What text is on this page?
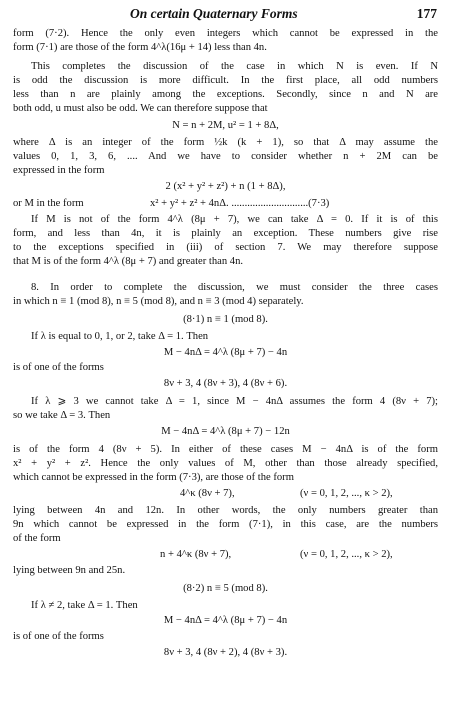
On certain Quaternary Forms	177
form (7·2). Hence the only even integers which cannot be expressed in the
form (7·1) are those of the form 4^λ(16μ + 14) less than 4n.
This completes the discussion of the case in which N is even. If N
is odd the discussion is more difficult. In the first place, all odd numbers
less than n are plainly among the exceptions. Secondly, since n and N are
both odd, u must also be odd. We can therefore suppose that
N = n + 2M, u² = 1 + 8Δ,
where Δ is an integer of the form ½k (k + 1), so that Δ may assume the
values 0, 1, 3, 6, .... And we have to consider whether n + 2M can be
expressed in the form
2 (x² + y² + z²) + n (1 + 8Δ),
or M in the form	x² + y² + z² + 4nΔ. .............................(7·3)
If M is not of the form 4^λ (8μ + 7), we can take Δ = 0. If it is of this
form, and less than 4n, it is plainly an exception. These numbers give rise
to the exceptions specified in (iii) of section 7. We may therefore suppose
that M is of the form 4^λ (8μ + 7) and greater than 4n.
8. In order to complete the discussion, we must consider the three cases
in which n ≡ 1 (mod 8), n ≡ 5 (mod 8), and n ≡ 3 (mod 4) separately.
(8·1) n ≡ 1 (mod 8).
If λ is equal to 0, 1, or 2, take Δ = 1. Then
M − 4nΔ = 4^λ (8μ + 7) − 4n
is of one of the forms
8ν + 3, 4 (8ν + 3), 4 (8ν + 6).
If λ ⩾ 3 we cannot take Δ = 1, since M − 4nΔ assumes the form 4 (8ν + 7);
so we take Δ = 3. Then
M − 4nΔ = 4^λ (8μ + 7) − 12n
is of the form 4 (8ν + 5). In either of these cases M − 4nΔ is of the form
x² + y² + z². Hence the only values of M, other than those already specified,
which cannot be expressed in the form (7·3), are those of the form
4^κ (8ν + 7),	(ν = 0, 1, 2, ..., κ > 2),
lying between 4n and 12n. In other words, the only numbers greater than
9n which cannot be expressed in the form (7·1), in this case, are the numbers
of the form
n + 4^κ (8ν + 7),	(ν = 0, 1, 2, ..., κ > 2),
lying between 9n and 25n.
(8·2) n ≡ 5 (mod 8).
If λ ≠ 2, take Δ = 1. Then
M − 4nΔ = 4^λ (8μ + 7) − 4n
is of one of the forms
8ν + 3, 4 (8ν + 2), 4 (8ν + 3).
